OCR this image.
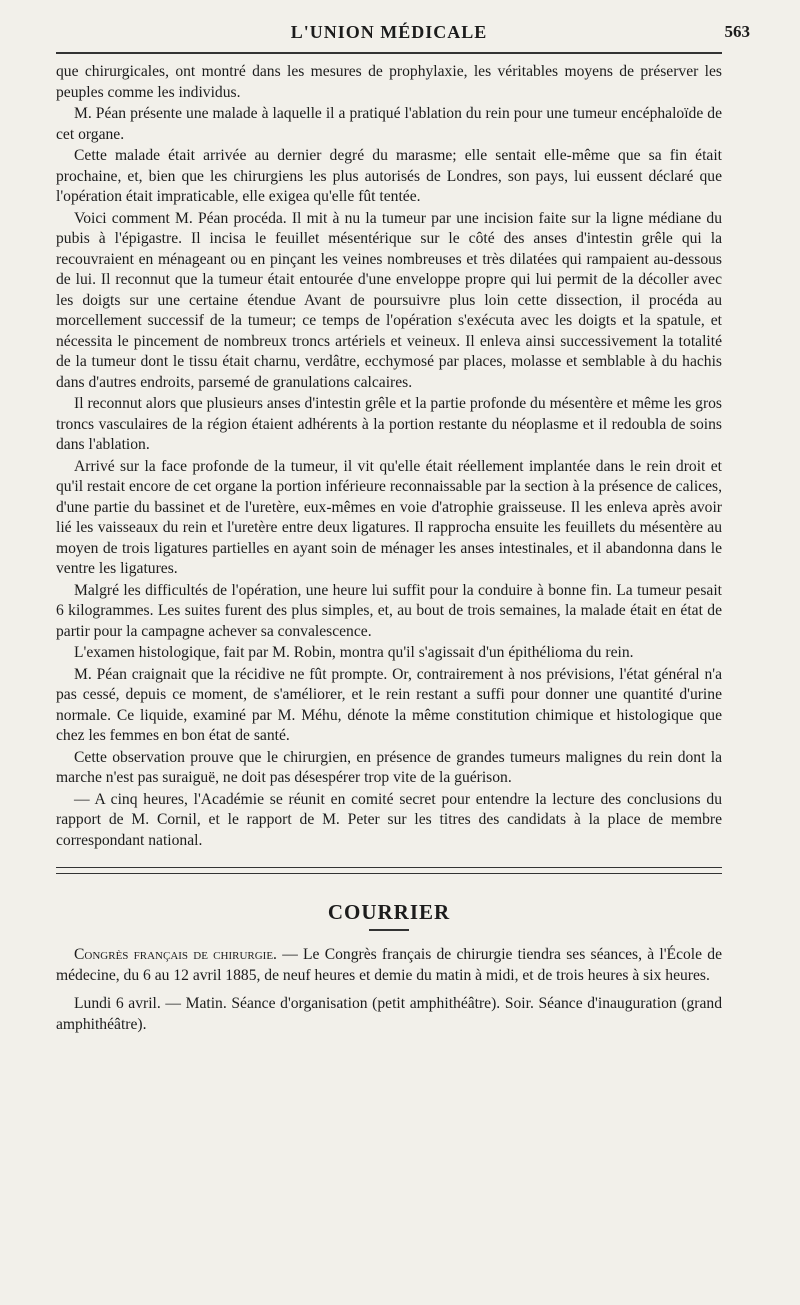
L'UNION MÉDICALE	563

que chirurgicales, ont montré dans les mesures de prophylaxie, les véritables moyens de préserver les peuples comme les individus.

M. Péan présente une malade à laquelle il a pratiqué l'ablation du rein pour une tumeur encéphaloïde de cet organe.

Cette malade était arrivée au dernier degré du marasme; elle sentait elle-même que sa fin était prochaine, et, bien que les chirurgiens les plus autorisés de Londres, son pays, lui eussent déclaré que l'opération était impraticable, elle exigea qu'elle fût tentée.

Voici comment M. Péan procéda. Il mit à nu la tumeur par une incision faite sur la ligne médiane du pubis à l'épigastre. Il incisa le feuillet mésentérique sur le côté des anses d'intestin grêle qui la recouvraient en ménageant ou en pinçant les veines nombreuses et très dilatées qui rampaient au-dessous de lui. Il reconnut que la tumeur était entourée d'une enveloppe propre qui lui permit de la décoller avec les doigts sur une certaine étendue Avant de poursuivre plus loin cette dissection, il procéda au morcellement successif de la tumeur; ce temps de l'opération s'exécuta avec les doigts et la spatule, et nécessita le pincement de nombreux troncs artériels et veineux. Il enleva ainsi successivement la totalité de la tumeur dont le tissu était charnu, verdâtre, ecchymosé par places, molasse et semblable à du hachis dans d'autres endroits, parsemé de granulations calcaires.

Il reconnut alors que plusieurs anses d'intestin grêle et la partie profonde du mésentère et même les gros troncs vasculaires de la région étaient adhérents à la portion restante du néoplasme et il redoubla de soins dans l'ablation.

Arrivé sur la face profonde de la tumeur, il vit qu'elle était réellement implantée dans le rein droit et qu'il restait encore de cet organe la portion inférieure reconnaissable par la section à la présence de calices, d'une partie du bassinet et de l'uretère, eux-mêmes en voie d'atrophie graisseuse. Il les enleva après avoir lié les vaisseaux du rein et l'uretère entre deux ligatures. Il rapprocha ensuite les feuillets du mésentère au moyen de trois ligatures partielles en ayant soin de ménager les anses intestinales, et il abandonna dans le ventre les ligatures.

Malgré les difficultés de l'opération, une heure lui suffit pour la conduire à bonne fin. La tumeur pesait 6 kilogrammes. Les suites furent des plus simples, et, au bout de trois semaines, la malade était en état de partir pour la campagne achever sa convalescence.

L'examen histologique, fait par M. Robin, montra qu'il s'agissait d'un épithélioma du rein.

M. Péan craignait que la récidive ne fût prompte. Or, contrairement à nos prévisions, l'état général n'a pas cessé, depuis ce moment, de s'améliorer, et le rein restant a suffi pour donner une quantité d'urine normale. Ce liquide, examiné par M. Méhu, dénote la même constitution chimique et histologique que chez les femmes en bon état de santé.

Cette observation prouve que le chirurgien, en présence de grandes tumeurs malignes du rein dont la marche n'est pas suraiguë, ne doit pas désespérer trop vite de la guérison.

— A cinq heures, l'Académie se réunit en comité secret pour entendre la lecture des conclusions du rapport de M. Cornil, et le rapport de M. Peter sur les titres des candidats à la place de membre correspondant national.

COURRIER

Congrès français de chirurgie. — Le Congrès français de chirurgie tiendra ses séances, à l'École de médecine, du 6 au 12 avril 1885, de neuf heures et demie du matin à midi, et de trois heures à six heures.

Lundi 6 avril. — Matin. Séance d'organisation (petit amphithéâtre). Soir. Séance d'inauguration (grand amphithéâtre).
